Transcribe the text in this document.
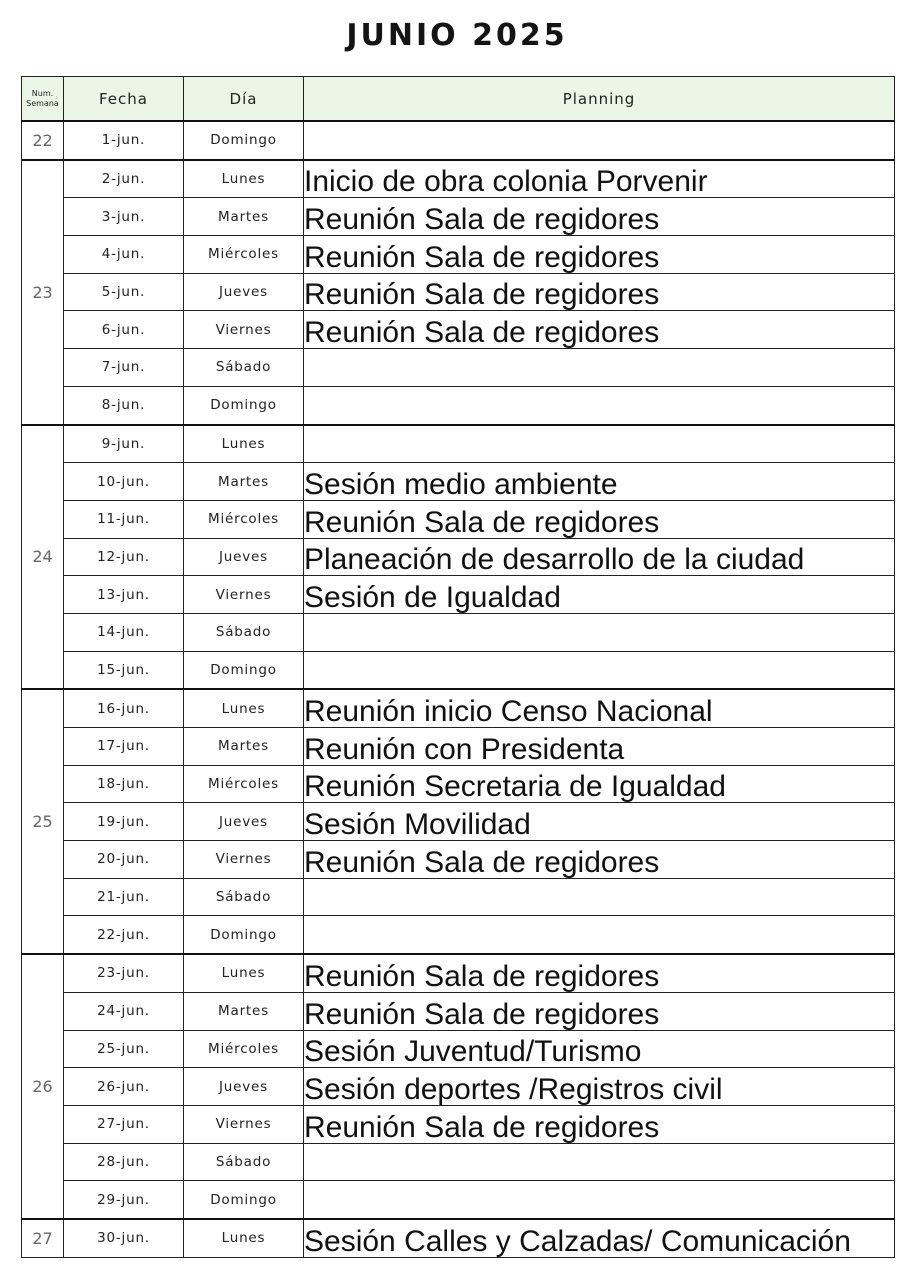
JUNIO 2025
Num.
Semana	Fecha	Día	Planning
22	1-jun.	Domingo	
23	2-jun.	Lunes	Inicio de obra colonia Porvenir
	3-jun.	Martes	Reunión Sala de regidores
	4-jun.	Miércoles	Reunión Sala de regidores
	5-jun.	Jueves	Reunión Sala de regidores
	6-jun.	Viernes	Reunión Sala de regidores
	7-jun.	Sábado	
	8-jun.	Domingo	
24	9-jun.	Lunes	
	10-jun.	Martes	Sesión medio ambiente
	11-jun.	Miércoles	Reunión Sala de regidores
	12-jun.	Jueves	Planeación de desarrollo de la ciudad
	13-jun.	Viernes	Sesión de Igualdad
	14-jun.	Sábado	
	15-jun.	Domingo	
25	16-jun.	Lunes	Reunión inicio Censo Nacional
	17-jun.	Martes	Reunión con Presidenta
	18-jun.	Miércoles	Reunión Secretaria de Igualdad
	19-jun.	Jueves	Sesión Movilidad
	20-jun.	Viernes	Reunión Sala de regidores
	21-jun.	Sábado	
	22-jun.	Domingo	
26	23-jun.	Lunes	Reunión Sala de regidores
	24-jun.	Martes	Reunión Sala de regidores
	25-jun.	Miércoles	Sesión Juventud/Turismo
	26-jun.	Jueves	Sesión deportes /Registros civil
	27-jun.	Viernes	Reunión Sala de regidores
	28-jun.	Sábado	
	29-jun.	Domingo	
27	30-jun.	Lunes	Sesión Calles y Calzadas/ Comunicación
